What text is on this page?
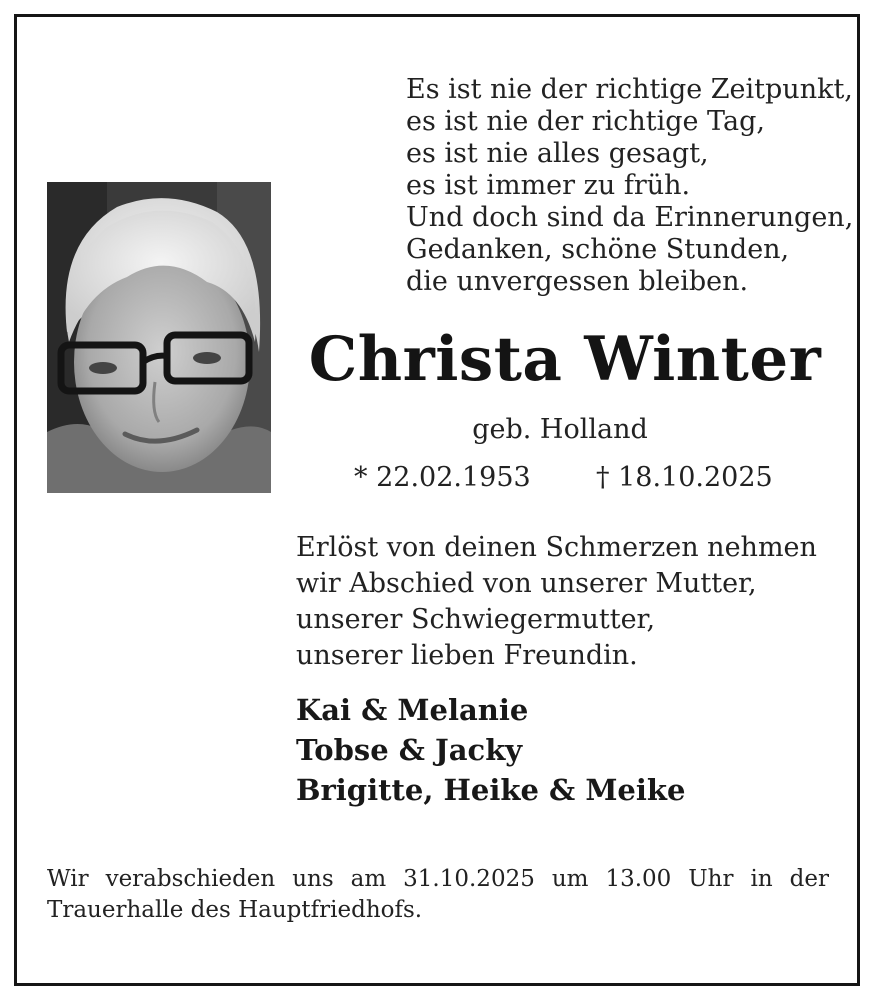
Es ist nie der richtige Zeitpunkt,
es ist nie der richtige Tag,
es ist nie alles gesagt,
es ist immer zu früh.
Und doch sind da Erinnerungen,
Gedanken, schöne Stunden,
die unvergessen bleiben.
Christa Winter
geb. Holland
* 22.02.1953 † 18.10.2025
Erlöst von deinen Schmerzen nehmen
wir Abschied von unserer Mutter,
unserer Schwiegermutter,
unserer lieben Freundin.
Kai & Melanie
Tobse & Jacky
Brigitte, Heike & Meike
Wir verabschieden uns am 31.10.2025 um 13.00 Uhr in der
Trauerhalle des Hauptfriedhofs.
